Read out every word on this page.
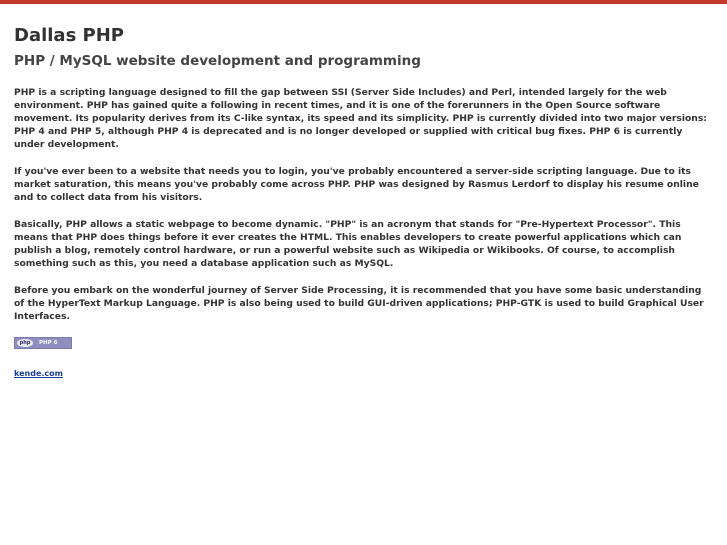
Dallas PHP
PHP / MySQL website development and programming

PHP is a scripting language designed to fill the gap between SSI (Server Side Includes) and Perl, intended largely for the web environment. PHP has gained quite a following in recent times, and it is one of the forerunners in the Open Source software movement. Its popularity derives from its C-like syntax, its speed and its simplicity. PHP is currently divided into two major versions: PHP 4 and PHP 5, although PHP 4 is deprecated and is no longer developed or supplied with critical bug fixes. PHP 6 is currently under development.

If you've ever been to a website that needs you to login, you've probably encountered a server-side scripting language. Due to its market saturation, this means you've probably come across PHP. PHP was designed by Rasmus Lerdorf to display his resume online and to collect data from his visitors.

Basically, PHP allows a static webpage to become dynamic. "PHP" is an acronym that stands for "Pre-Hypertext Processor". This means that PHP does things before it ever creates the HTML. This enables developers to create powerful applications which can publish a blog, remotely control hardware, or run a powerful website such as Wikipedia or Wikibooks. Of course, to accomplish something such as this, you need a database application such as MySQL.

Before you embark on the wonderful journey of Server Side Processing, it is recommended that you have some basic understanding of the HyperText Markup Language. PHP is also being used to build GUI-driven applications; PHP-GTK is used to build Graphical User Interfaces.

php	PHP 6
kende.com
